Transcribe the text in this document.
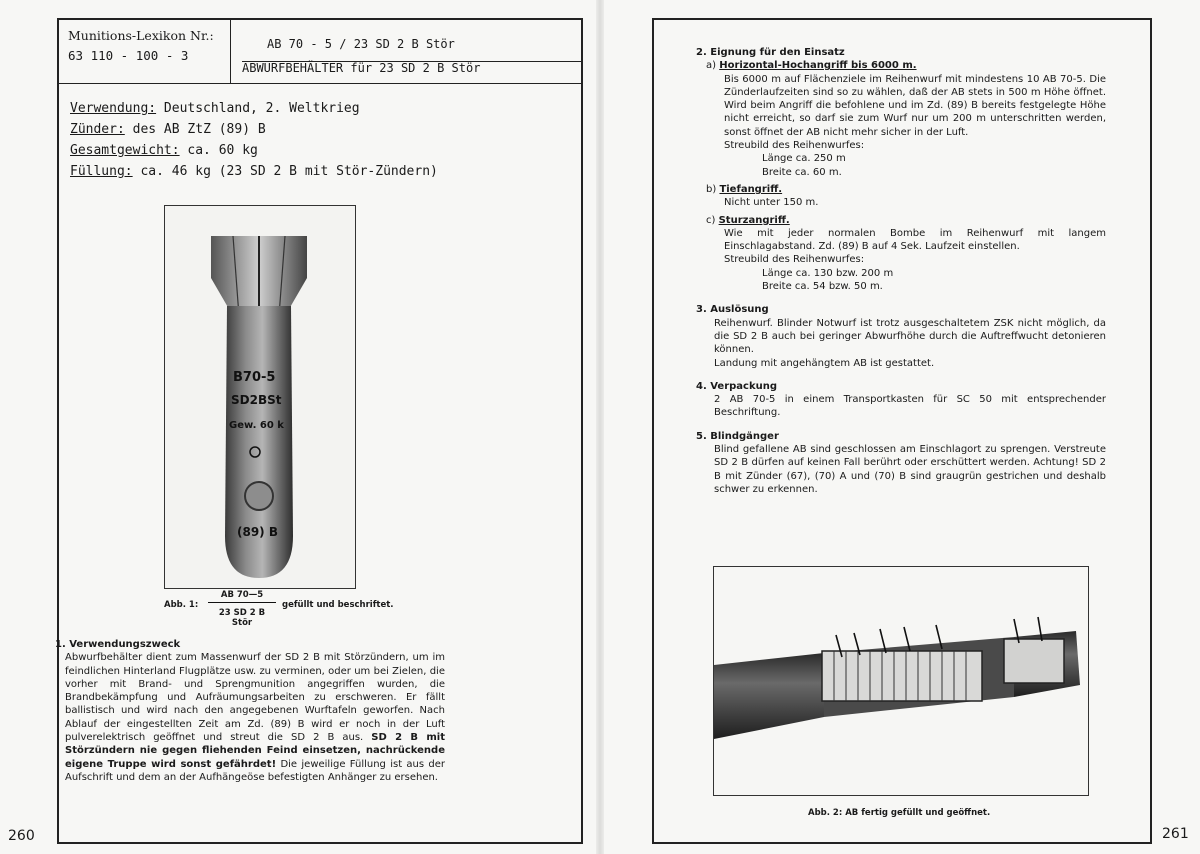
Munitions-Lexikon Nr.:
63 110 - 100 - 3
AB 70 - 5 / 23 SD 2 B Stör
ABWURFBEHÄLTER für 23 SD 2 B Stör
Verwendung: Deutschland, 2. Weltkrieg
Zünder: des AB ZtZ (89) B
Gesamtgewicht: ca. 60 kg
Füllung: ca. 46 kg (23 SD 2 B mit Stör-Zündern)
B70-5
SD2BSt
Gew. 60 k
(89) B
Abb. 1:
AB 70—5
23 SD 2 B Stör
gefüllt und beschriftet.
1. Verwendungszweck
Abwurfbehälter dient zum Massenwurf der SD 2 B mit Störzündern, um im feindlichen Hinterland Flugplätze usw. zu verminen, oder um bei Zielen, die vorher mit Brand- und Sprengmunition angegriffen wurden, die Brandbekämpfung und Aufräumungsarbeiten zu erschweren. Er fällt ballistisch und wird nach den angegebenen Wurftafeln geworfen. Nach Ablauf der eingestellten Zeit am Zd. (89) B wird er noch in der Luft pulverelektrisch geöffnet und streut die SD 2 B aus. SD 2 B mit Störzündern nie gegen fliehenden Feind einsetzen, nachrückende eigene Truppe wird sonst gefährdet! Die jeweilige Füllung ist aus der Aufschrift und dem an der Aufhängeöse befestigten Anhänger zu ersehen.
260
2. Eignung für den Einsatz
a) Horizontal-Hochangriff bis 6000 m.
Bis 6000 m auf Flächenziele im Reihenwurf mit mindestens 10 AB 70-5. Die Zünderlaufzeiten sind so zu wählen, daß der AB stets in 500 m Höhe öffnet. Wird beim Angriff die befohlene und im Zd. (89) B bereits festgelegte Höhe nicht erreicht, so darf sie zum Wurf nur um 200 m unterschritten werden, sonst öffnet der AB nicht mehr sicher in der Luft.
Streubild des Reihenwurfes:
Länge ca. 250 m
Breite ca. 60 m.
b) Tiefangriff.
Nicht unter 150 m.
c) Sturzangriff.
Wie mit jeder normalen Bombe im Reihenwurf mit langem Einschlagabstand. Zd. (89) B auf 4 Sek. Laufzeit einstellen.
Streubild des Reihenwurfes:
Länge ca. 130 bzw. 200 m
Breite ca. 54 bzw. 50 m.
3. Auslösung
Reihenwurf. Blinder Notwurf ist trotz ausgeschaltetem ZSK nicht möglich, da die SD 2 B auch bei geringer Abwurfhöhe durch die Auftreffwucht detonieren können.
Landung mit angehängtem AB ist gestattet.
4. Verpackung
2 AB 70-5 in einem Transportkasten für SC 50 mit entsprechender Beschriftung.
5. Blindgänger
Blind gefallene AB sind geschlossen am Einschlagort zu sprengen. Verstreute SD 2 B dürfen auf keinen Fall berührt oder erschüttert werden. Achtung! SD 2 B mit Zünder (67), (70) A und (70) B sind graugrün gestrichen und deshalb schwer zu erkennen.
Abb. 2: AB fertig gefüllt und geöffnet.
261
